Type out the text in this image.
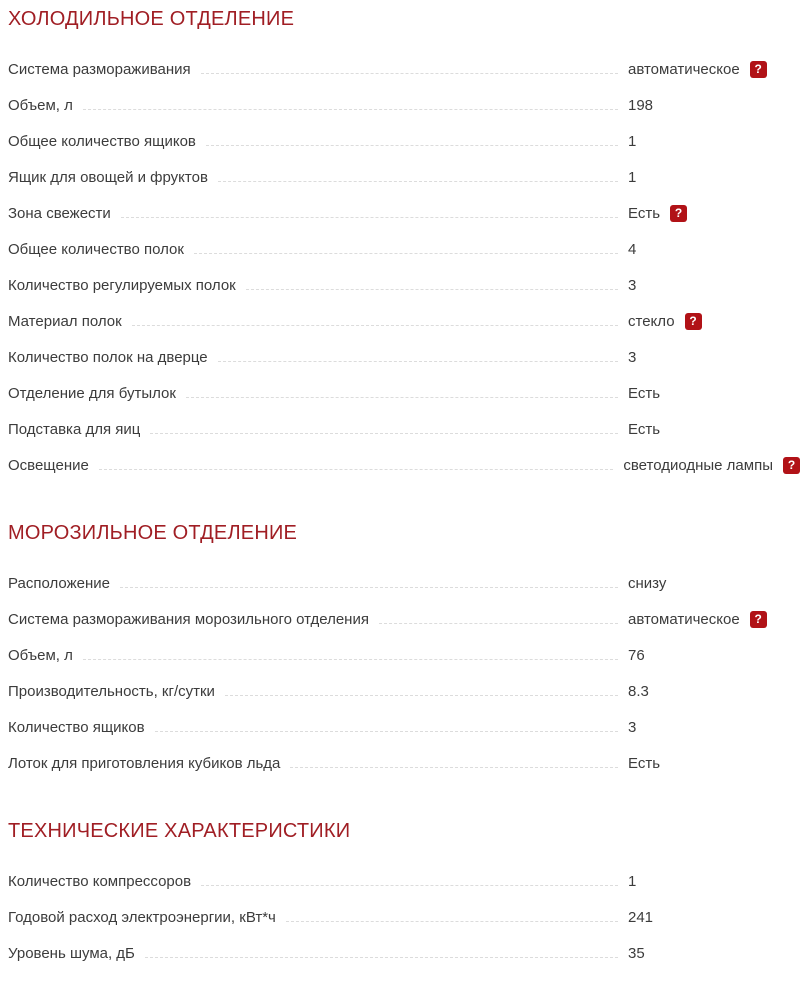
ХОЛОДИЛЬНОЕ ОТДЕЛЕНИЕ
Система размораживания	автоматическое	?
Объем, л	198
Общее количество ящиков	1
Ящик для овощей и фруктов	1
Зона свежести	Есть	?
Общее количество полок	4
Количество регулируемых полок	3
Материал полок	стекло	?
Количество полок на дверце	3
Отделение для бутылок	Есть
Подставка для яиц	Есть
Освещение	светодиодные лампы	?
МОРОЗИЛЬНОЕ ОТДЕЛЕНИЕ
Расположение	снизу
Система размораживания морозильного отделения	автоматическое	?
Объем, л	76
Производительность, кг/сутки	8.3
Количество ящиков	3
Лоток для приготовления кубиков льда	Есть
ТЕХНИЧЕСКИЕ ХАРАКТЕРИСТИКИ
Количество компрессоров	1
Годовой расход электроэнергии, кВт*ч	241
Уровень шума, дБ	35
